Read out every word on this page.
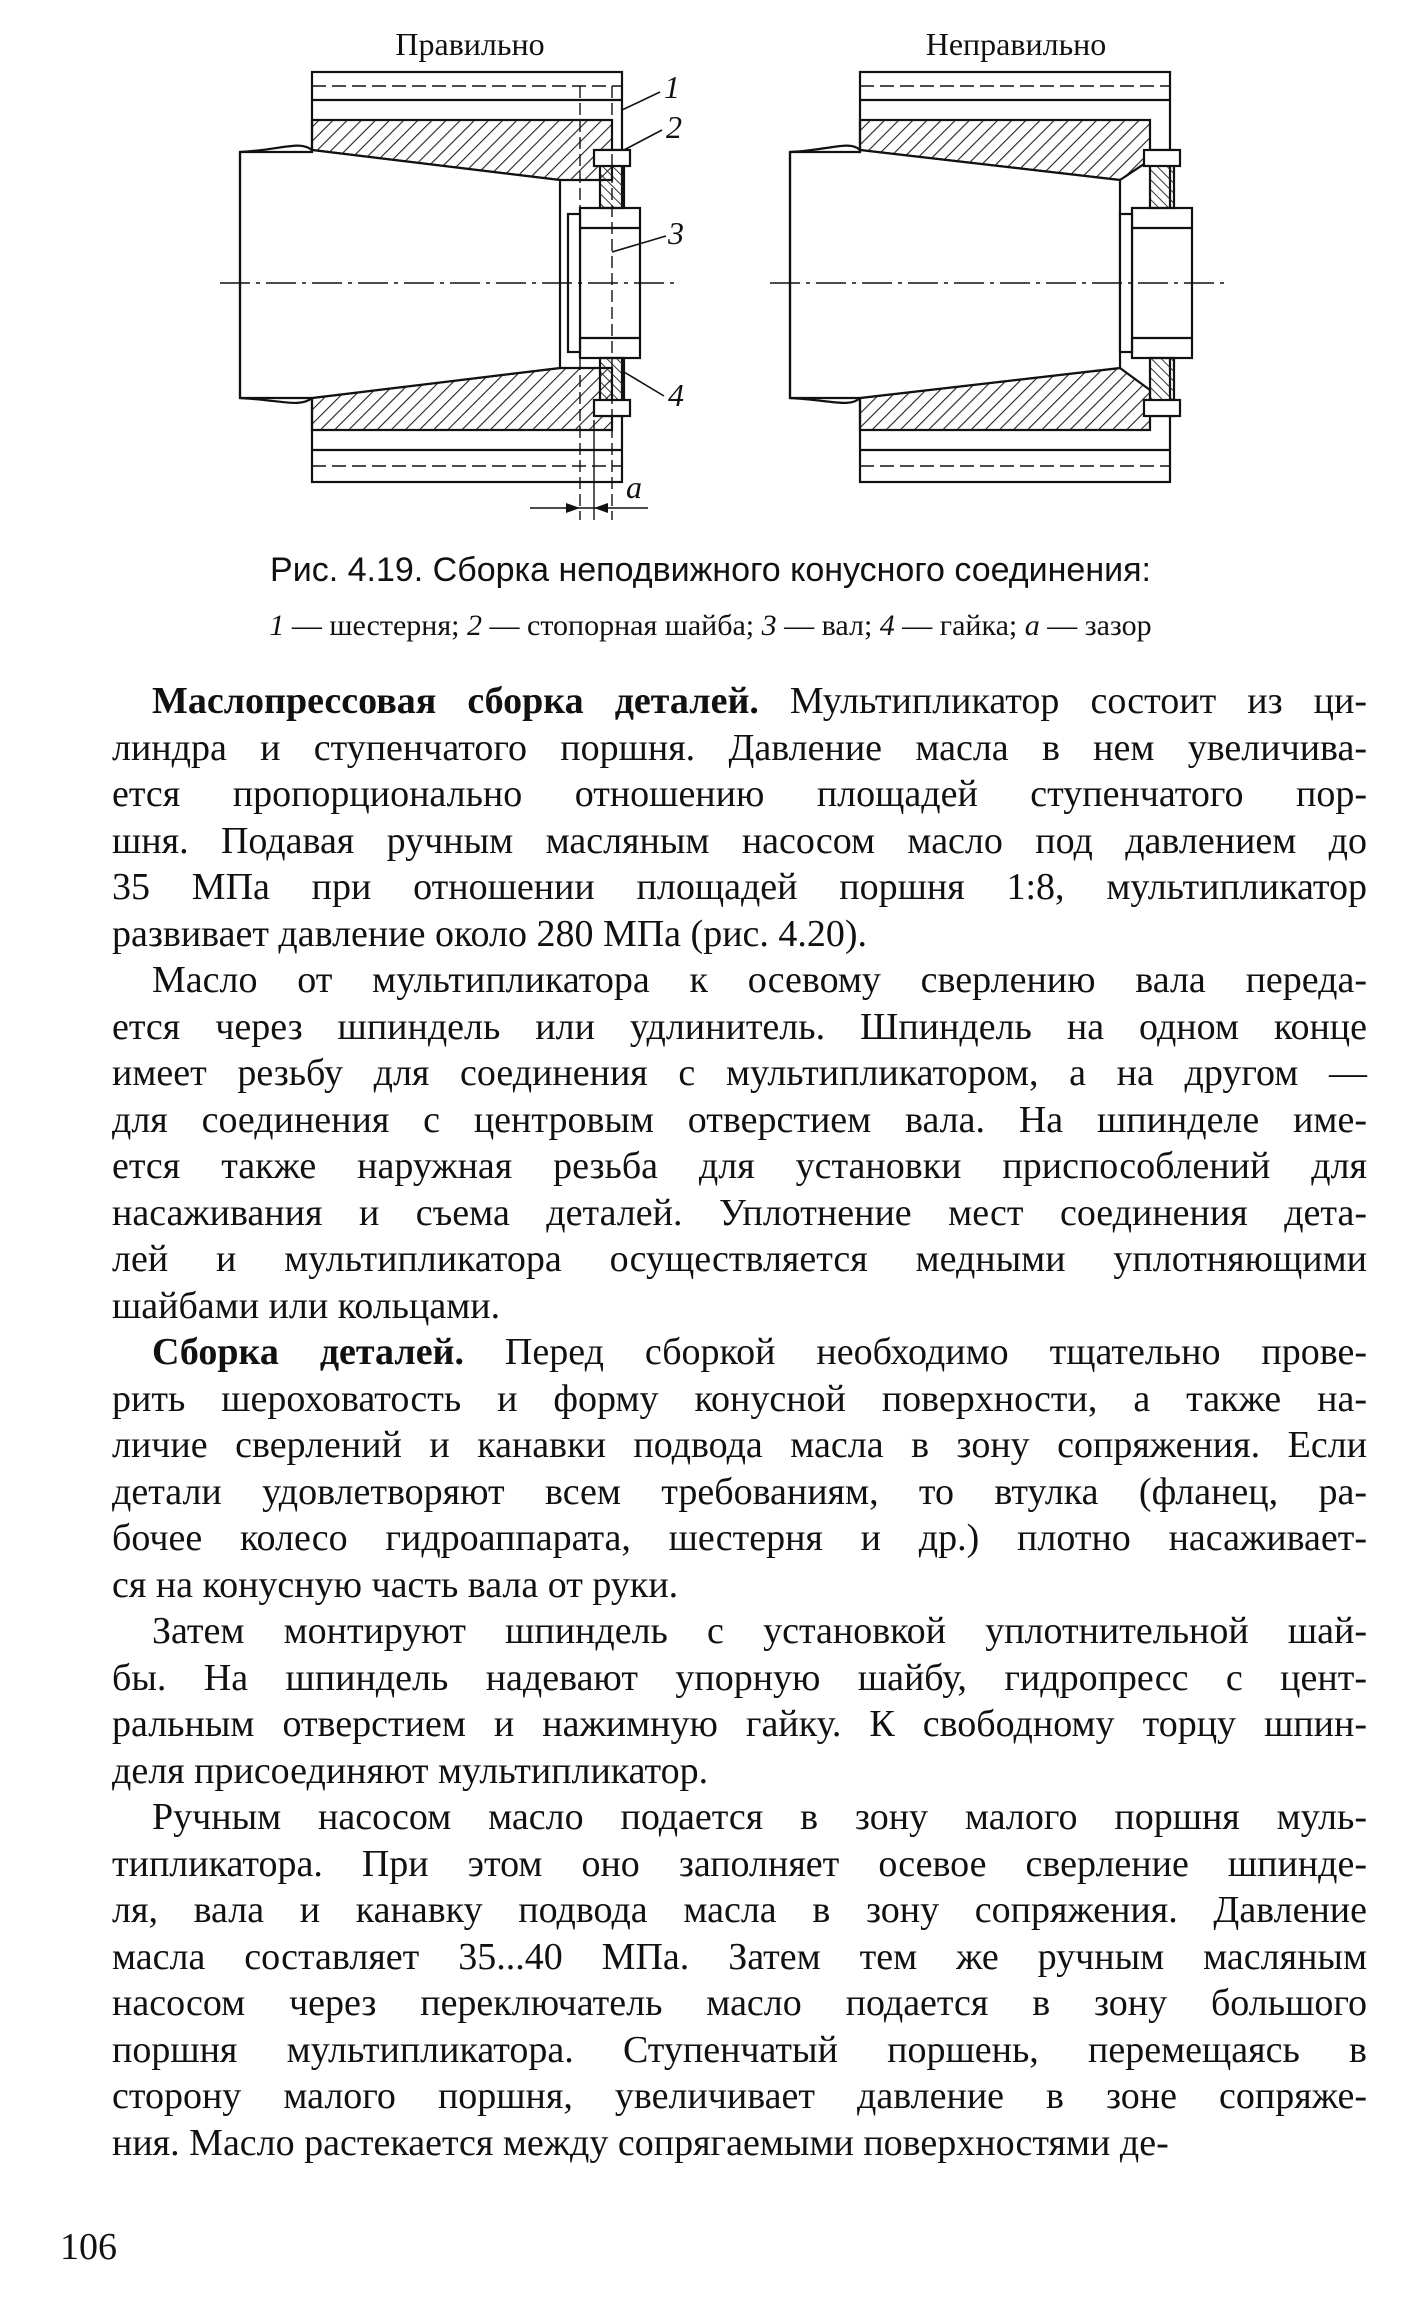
Правильно	Неправильно
1
2
3
4
a
Рис. 4.19. Сборка неподвижного конусного соединения:
1 — шестерня; 2 — стопорная шайба; 3 — вал; 4 — гайка; a — зазор
Маслопрессовая сборка деталей. Мультипликатор состоит из ци-
линдра и ступенчатого поршня. Давление масла в нем увеличива-
ется пропорционально отношению площадей ступенчатого пор-
шня. Подавая ручным масляным насосом масло под давлением до
35 МПа при отношении площадей поршня 1:8, мультипликатор
развивает давление около 280 МПа (рис. 4.20).
Масло от мультипликатора к осевому сверлению вала переда-
ется через шпиндель или удлинитель. Шпиндель на одном конце
имеет резьбу для соединения с мультипликатором, а на другом —
для соединения с центровым отверстием вала. На шпинделе име-
ется также наружная резьба для установки приспособлений для
насаживания и съема деталей. Уплотнение мест соединения дета-
лей и мультипликатора осуществляется медными уплотняющими
шайбами или кольцами.
Сборка деталей. Перед сборкой необходимо тщательно прове-
рить шероховатость и форму конусной поверхности, а также на-
личие сверлений и канавки подвода масла в зону сопряжения. Если
детали удовлетворяют всем требованиям, то втулка (фланец, ра-
бочее колесо гидроаппарата, шестерня и др.) плотно насаживает-
ся на конусную часть вала от руки.
Затем монтируют шпиндель с установкой уплотнительной шай-
бы. На шпиндель надевают упорную шайбу, гидропресс с цент-
ральным отверстием и нажимную гайку. К свободному торцу шпин-
деля присоединяют мультипликатор.
Ручным насосом масло подается в зону малого поршня муль-
типликатора. При этом оно заполняет осевое сверление шпинде-
ля, вала и канавку подвода масла в зону сопряжения. Давление
масла составляет 35...40 МПа. Затем тем же ручным масляным
насосом через переключатель масло подается в зону большого
поршня мультипликатора. Ступенчатый поршень, перемещаясь в
сторону малого поршня, увеличивает давление в зоне сопряже-
ния. Масло растекается между сопрягаемыми поверхностями де-
106
